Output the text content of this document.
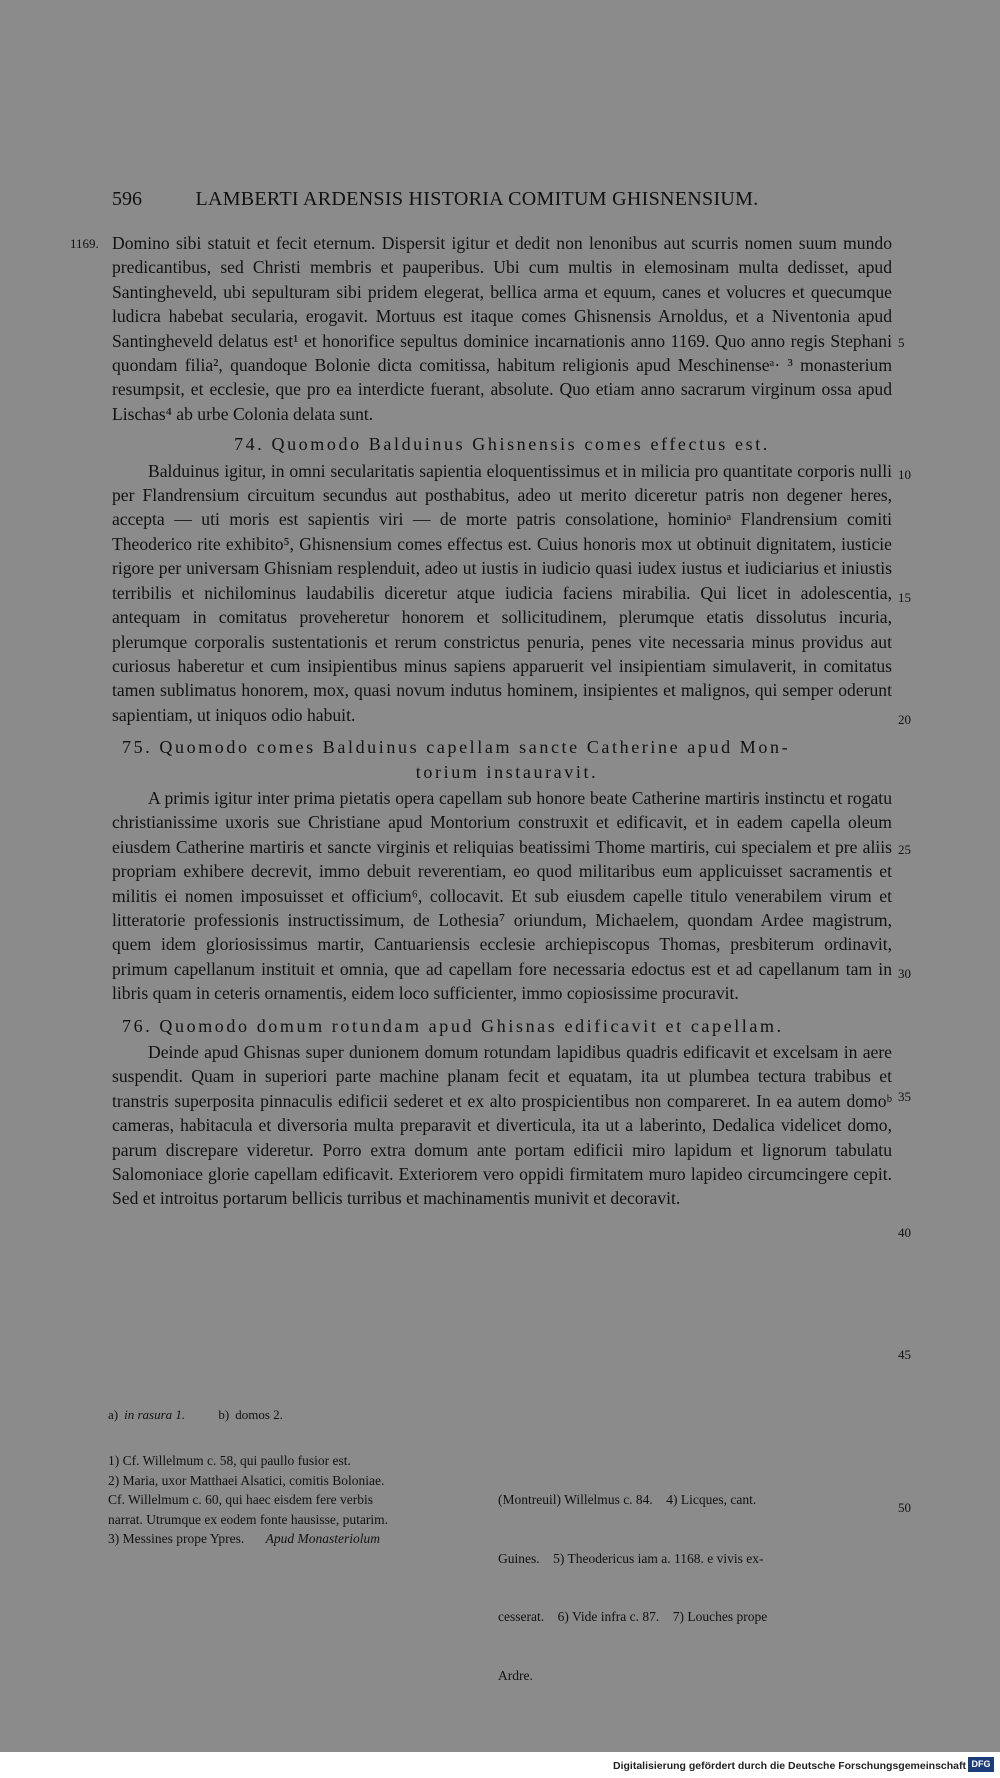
596	LAMBERTI ARDENSIS HISTORIA COMITUM GHISNENSIUM.
1169.
5
10
15
20
25
30
35
40
45
50

Domino sibi statuit et fecit eternum. Dispersit igitur et dedit non lenonibus aut scurris nomen suum mundo predicantibus, sed Christi membris et pauperibus. Ubi cum multis in elemosinam multa dedisset, apud Santingheveld, ubi sepulturam sibi pridem elegerat, bellica arma et equum, canes et volucres et quecumque ludicra habebat secularia, erogavit. Mortuus est itaque comes Ghisnensis Arnoldus, et a Niventonia apud Santingheveld delatus est¹ et honorifice sepultus dominice incarnationis anno 1169. Quo anno regis Stephani quondam filia², quandoque Bolonie dicta comitissa, habitum religionis apud Meschinenseᵃ· ³ monasterium resumpsit, et ecclesie, que pro ea interdicte fuerant, absolute. Quo etiam anno sacrarum virginum ossa apud Lischas⁴ ab urbe Colonia delata sunt.

74. Quomodo Balduinus Ghisnensis comes effectus est.

Balduinus igitur, in omni secularitatis sapientia eloquentissimus et in milicia pro quantitate corporis nulli per Flandrensium circuitum secundus aut posthabitus, adeo ut merito diceretur patris non degener heres, accepta — uti moris est sapientis viri — de morte patris consolatione, hominioᵃ Flandrensium comiti Theoderico rite exhibito⁵, Ghisnensium comes effectus est. Cuius honoris mox ut obtinuit dignitatem, iusticie rigore per universam Ghisniam resplenduit, adeo ut iustis in iudicio quasi iudex iustus et iudiciarius et iniustis terribilis et nichilominus laudabilis diceretur atque iudicia faciens mirabilia. Qui licet in adolescentia, antequam in comitatus proveheretur honorem et sollicitudinem, plerumque etatis dissolutus incuria, plerumque corporalis sustentationis et rerum constrictus penuria, penes vite necessaria minus providus aut curiosus haberetur et cum insipientibus minus sapiens apparuerit vel insipientiam simulaverit, in comitatus tamen sublimatus honorem, mox, quasi novum indutus hominem, insipientes et malignos, qui semper oderunt sapientiam, ut iniquos odio habuit.

75. Quomodo comes Balduinus capellam sancte Catherine apud Mon-
torium instauravit.

A primis igitur inter prima pietatis opera capellam sub honore beate Catherine martiris instinctu et rogatu christianissime uxoris sue Christiane apud Montorium construxit et edificavit, et in eadem capella oleum eiusdem Catherine martiris et sancte virginis et reliquias beatissimi Thome martiris, cui specialem et pre aliis propriam exhibere decrevit, immo debuit reverentiam, eo quod militaribus eum applicuisset sacramentis et militis ei nomen imposuisset et officium⁶, collocavit. Et sub eiusdem capelle titulo venerabilem virum et litteratorie professionis instructissimum, de Lothesia⁷ oriundum, Michaelem, quondam Ardee magistrum, quem idem gloriosissimus martir, Cantuariensis ecclesie archiepiscopus Thomas, presbiterum ordinavit, primum capellanum instituit et omnia, que ad capellam fore necessaria edoctus est et ad capellanum tam in libris quam in ceteris ornamentis, eidem loco sufficienter, immo copiosissime procuravit.

76. Quomodo domum rotundam apud Ghisnas edificavit et capellam.

Deinde apud Ghisnas super dunionem domum rotundam lapidibus quadris edificavit et excelsam in aere suspendit. Quam in superiori parte machine planam fecit et equatam, ita ut plumbea tectura trabibus et transtris superposita pinnaculis edificii sederet et ex alto prospicientibus non compareret. In ea autem domoᵇ cameras, habitacula et diversoria multa preparavit et diverticula, ita ut a laberinto, Dedalica videlicet domo, parum discrepare videretur. Porro extra domum ante portam edificii miro lapidum et lignorum tabulatu Salomoniace glorie capellam edificavit. Exteriorem vero oppidi firmitatem muro lapideo circumcingere cepit. Sed et introitus portarum bellicis turribus et machinamentis munivit et decoravit.

a) in rasura 1.	b) domos 2.

1) Cf. Willelmum c. 58, qui paullo fusior est.

2) Maria, uxor Matthaei Alsatici, comitis Boloniae.

Cf. Willelmum c. 60, qui haec eisdem fere verbis

narrat. Utrumque ex eodem fonte hausisse, putarim.

3) Messines prope Ypres. Apud Monasteriolum

(Montreuil) Willelmus c. 84.    4) Licques, cant.

Guines.    5) Theodericus iam a. 1168. e vivis ex-

cesserat.    6) Vide infra c. 87.    7) Louches prope

Ardre.

Digitalisierung gefördert durch die Deutsche Forschungsgemeinschaft DFG
